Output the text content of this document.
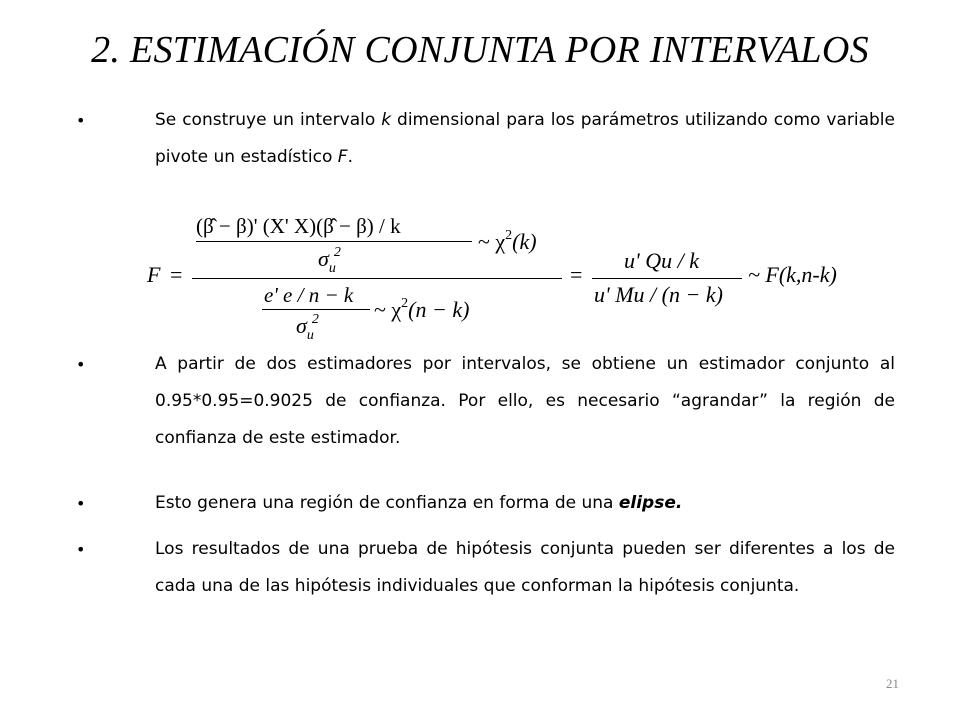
2. ESTIMACIÓN CONJUNTA POR INTERVALOS
•	Se construye un intervalo k dimensional para los parámetros utilizando como variable pivote un estadístico F.
F =
(β̂ − β)' (X' X)(β̂ − β) / k
$\sigma_u^2$	~ $\chi^2(k)$
e' e / n − k
$\sigma_u^2$	~ $\chi^2(n - k)$
=
u' Qu / k
u' Mu / (n − k)
~ F(k,n-k)
•	A partir de dos estimadores por intervalos, se obtiene un estimador conjunto al 0.95*0.95=0.9025 de confianza. Por ello, es necesario “agrandar” la región de confianza de este estimador.
•	Esto genera una región de confianza en forma de una elipse.
•	Los resultados de una prueba de hipótesis conjunta pueden ser diferentes a los de cada una de las hipótesis individuales que conforman la hipótesis conjunta.
21
